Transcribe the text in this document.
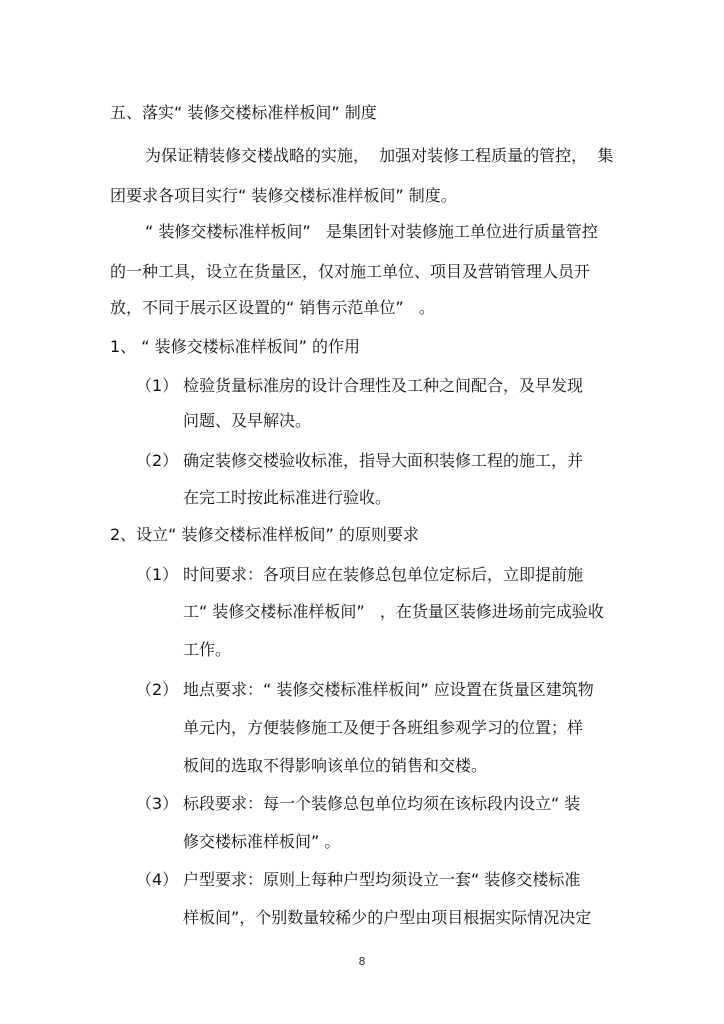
五、落实“ 装修交楼标准样板间” 制度
为保证精装修交楼战略的实施，  加强对装修工程质量的管控，  集
团要求各项目实行“ 装修交楼标准样板间” 制度。
“ 装修交楼标准样板间”   是集团针对装修施工单位进行质量管控
的一种工具，设立在货量区，仅对施工单位、项目及营销管理人员开
放，不同于展示区设置的“ 销售示范单位”   。
1、 “ 装修交楼标准样板间” 的作用
（1） 检验货量标准房的设计合理性及工种之间配合，及早发现
问题、及早解决。
（2） 确定装修交楼验收标准，指导大面积装修工程的施工，并
在完工时按此标准进行验收。
2、设立“ 装修交楼标准样板间” 的原则要求
（1） 时间要求：各项目应在装修总包单位定标后，立即提前施
工“ 装修交楼标准样板间”   ，在货量区装修进场前完成验收
工作。
（2） 地点要求：“ 装修交楼标准样板间” 应设置在货量区建筑物
单元内，方便装修施工及便于各班组参观学习的位置；样
板间的选取不得影响该单位的销售和交楼。
（3） 标段要求：每一个装修总包单位均须在该标段内设立“ 装
修交楼标准样板间” 。
（4） 户型要求：原则上每种户型均须设立一套“ 装修交楼标准
样板间”，个别数量较稀少的户型由项目根据实际情况决定
8
